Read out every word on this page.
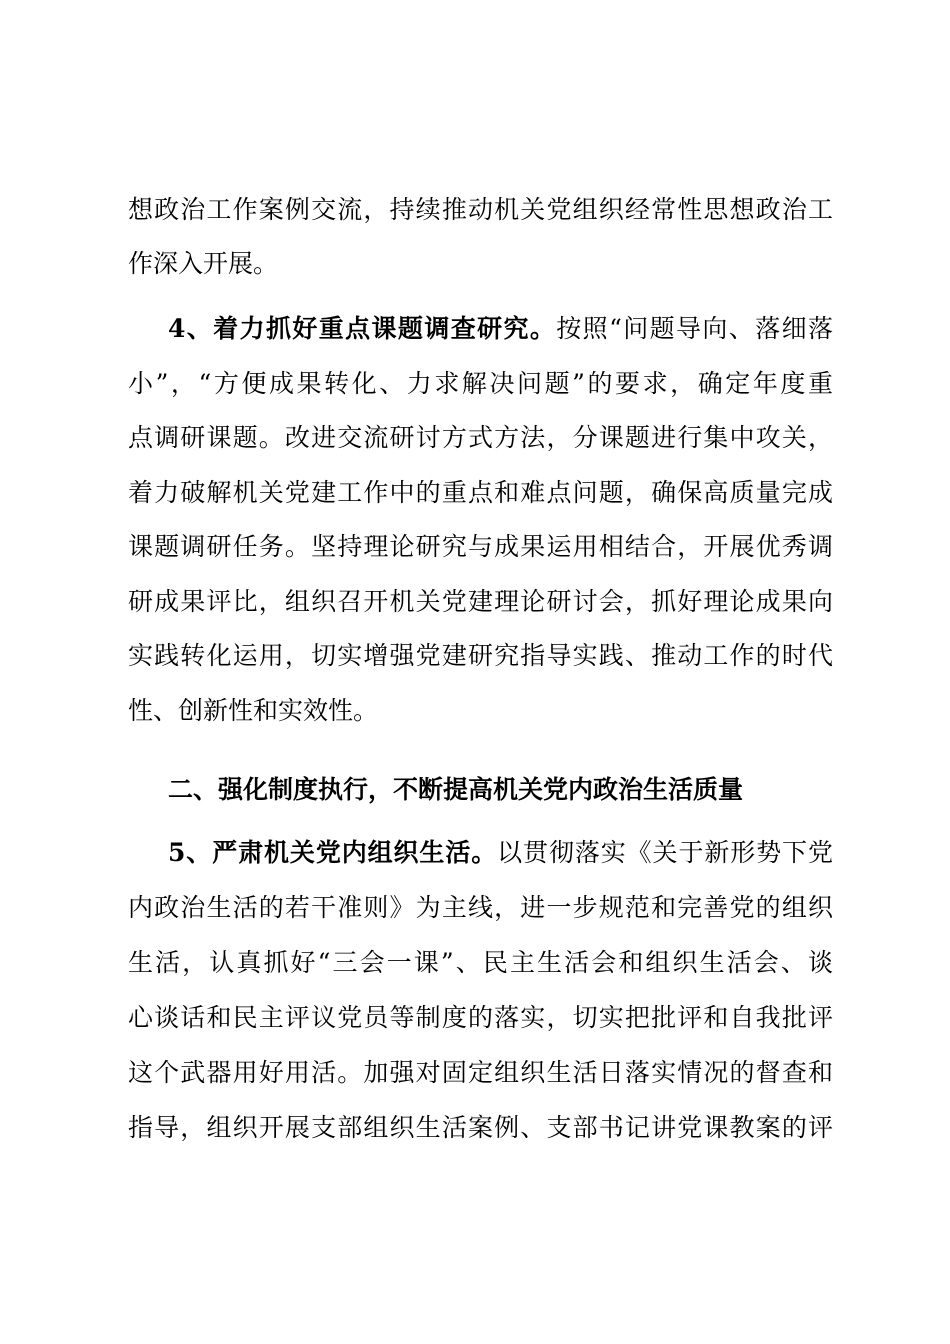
想政治工作案例交流，持续推动机关党组织经常性思想政治工
作深入开展。
4、着力抓好重点课题调查研究。按照“问题导向、落细落
小”，“方便成果转化、力求解决问题”的要求，确定年度重
点调研课题。改进交流研讨方式方法，分课题进行集中攻关，
着力破解机关党建工作中的重点和难点问题，确保高质量完成
课题调研任务。坚持理论研究与成果运用相结合，开展优秀调
研成果评比，组织召开机关党建理论研讨会，抓好理论成果向
实践转化运用，切实增强党建研究指导实践、推动工作的时代
性、创新性和实效性。
二、强化制度执行，不断提高机关党内政治生活质量
5、严肃机关党内组织生活。以贯彻落实《关于新形势下党
内政治生活的若干准则》为主线，进一步规范和完善党的组织
生活，认真抓好“三会一课”、民主生活会和组织生活会、谈
心谈话和民主评议党员等制度的落实，切实把批评和自我批评
这个武器用好用活。加强对固定组织生活日落实情况的督查和
指导，组织开展支部组织生活案例、支部书记讲党课教案的评
